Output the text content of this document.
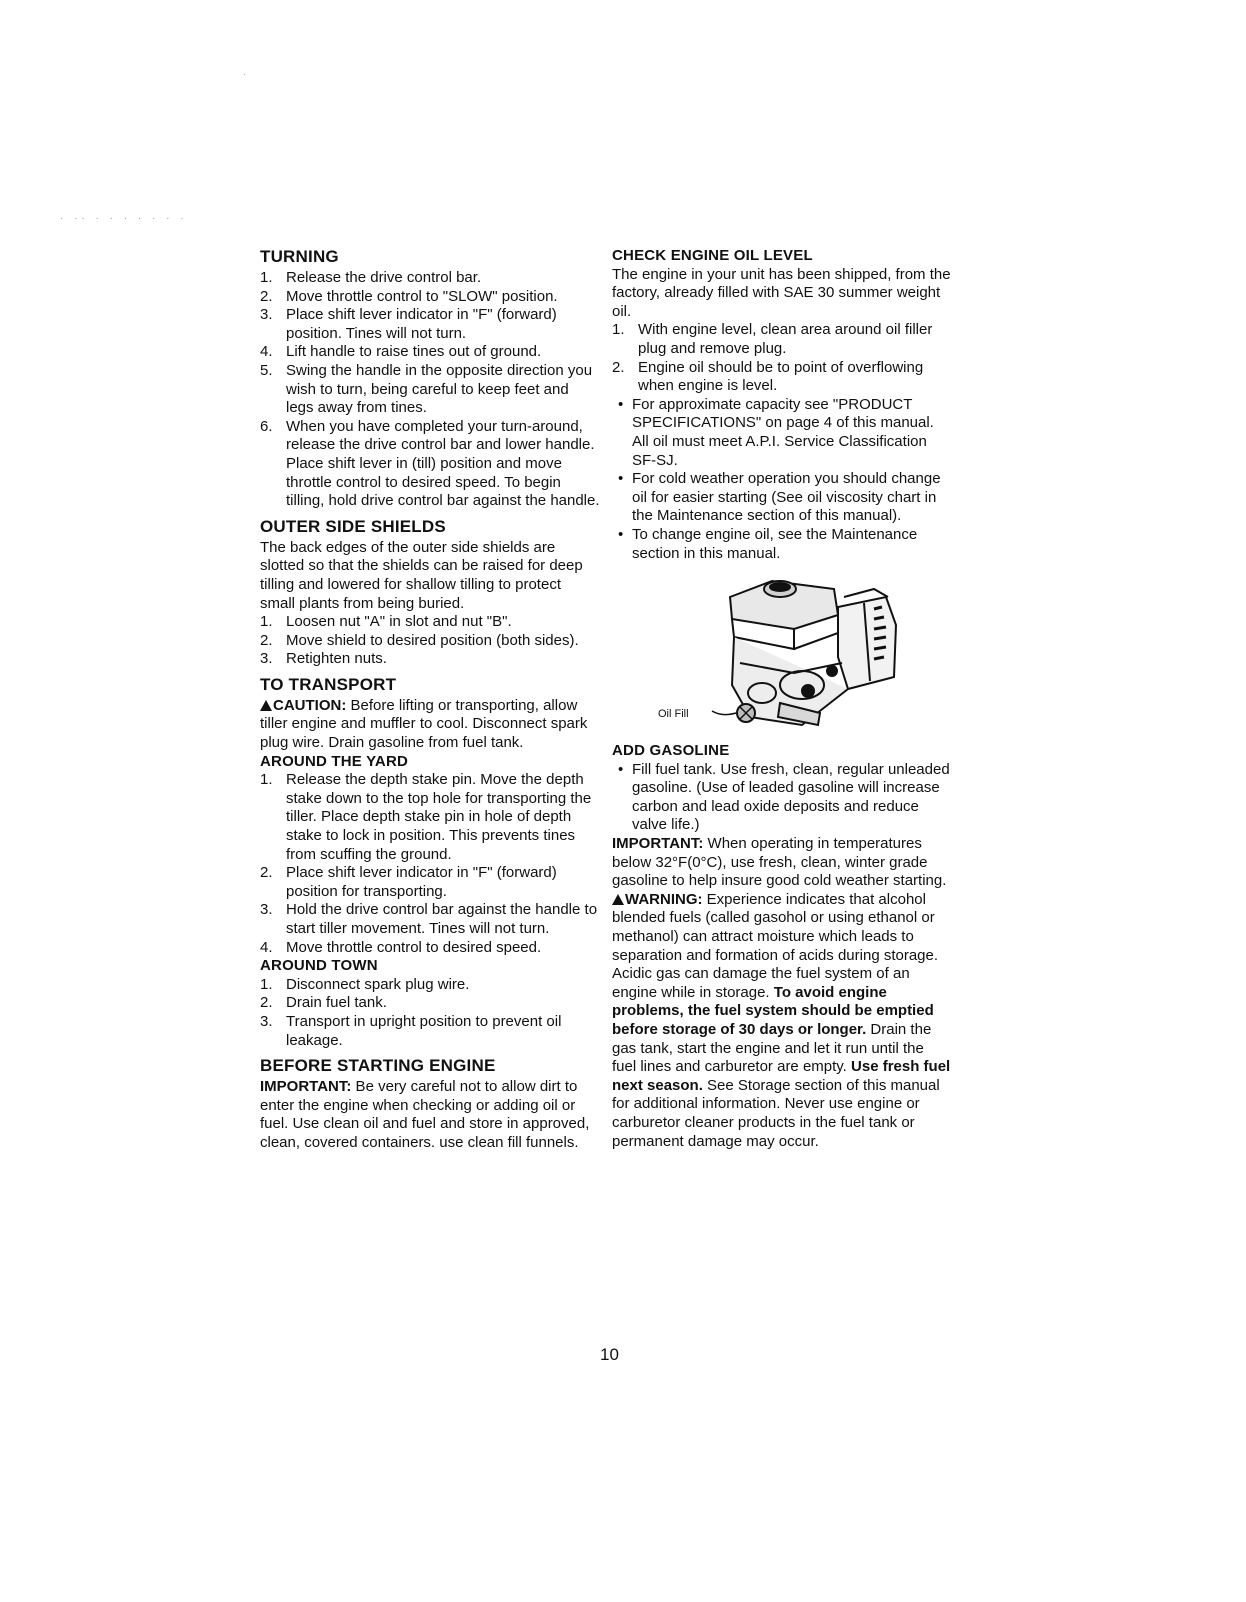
·
· ·· · · · · · · ·
TURNING
1. Release the drive control bar.
2. Move throttle control to "SLOW" position.
3. Place shift lever indicator in "F" (forward) position. Tines will not turn.
4. Lift handle to raise tines out of ground.
5. Swing the handle in the opposite direction you wish to turn, being careful to keep feet and legs away from tines.
6. When you have completed your turn-around, release the drive control bar and lower handle. Place shift lever in (till) position and move throttle control to desired speed. To begin tilling, hold drive control bar against the handle.
OUTER SIDE SHIELDS

The back edges of the outer side shields are slotted so that the shields can be raised for deep tilling and lowered for shallow tilling to protect small plants from being buried.

1. Loosen nut "A" in slot and nut "B".
2. Move shield to desired position (both sides).
3. Retighten nuts.
TO TRANSPORT

CAUTION: Before lifting or transporting, allow tiller engine and muffler to cool. Disconnect spark plug wire. Drain gasoline from fuel tank.

AROUND THE YARD
1. Release the depth stake pin. Move the depth stake down to the top hole for transporting the tiller. Place depth stake pin in hole of depth stake to lock in position. This prevents tines from scuffing the ground.
2. Place shift lever indicator in "F" (forward) position for transporting.
3. Hold the drive control bar against the handle to start tiller movement. Tines will not turn.
4. Move throttle control to desired speed.
AROUND TOWN
1. Disconnect spark plug wire.
2. Drain fuel tank.
3. Transport in upright position to prevent oil leakage.
BEFORE STARTING ENGINE

IMPORTANT: Be very careful not to allow dirt to enter the engine when checking or adding oil or fuel. Use clean oil and fuel and store in approved, clean, covered containers. use clean fill funnels.

CHECK ENGINE OIL LEVEL

The engine in your unit has been shipped, from the factory, already filled with SAE 30 summer weight oil.

1. With engine level, clean area around oil filler plug and remove plug.
2. Engine oil should be to point of overflowing when engine is level.
• For approximate capacity see "PRODUCT SPECIFICATIONS" on page 4 of this manual. All oil must meet A.P.I. Service Classification SF-SJ.
• For cold weather operation you should change oil for easier starting (See oil viscosity chart in the Maintenance section of this manual).
• To change engine oil, see the Maintenance section in this manual.
Oil Fill
ADD GASOLINE
• Fill fuel tank. Use fresh, clean, regular unleaded gasoline. (Use of leaded gasoline will increase carbon and lead oxide deposits and reduce valve life.)

IMPORTANT: When operating in temperatures below 32°F(0°C), use fresh, clean, winter grade gasoline to help insure good cold weather starting.

WARNING: Experience indicates that alcohol blended fuels (called gasohol or using ethanol or methanol) can attract moisture which leads to separation and formation of acids during storage. Acidic gas can damage the fuel system of an engine while in storage. To avoid engine problems, the fuel system should be emptied before storage of 30 days or longer. Drain the gas tank, start the engine and let it run until the fuel lines and carburetor are empty. Use fresh fuel next season. See Storage section of this manual for additional information. Never use engine or carburetor cleaner products in the fuel tank or permanent damage may occur.

10
